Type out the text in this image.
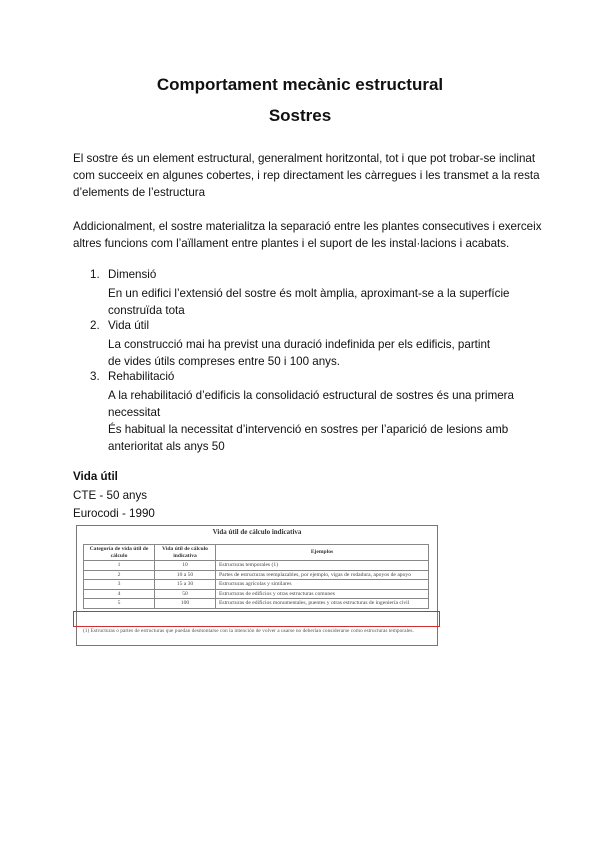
Comportament mecànic estructural
Sostres
El sostre és un element estructural, generalment horitzontal, tot i que pot trobar-se inclinat
com succeeix en algunes cobertes, i rep directament les càrregues i les transmet a la resta
d’elements de l’estructura
Addicionalment, el sostre materialitza la separació entre les plantes consecutives i exerceix
altres funcions com l’aïllament entre plantes i el suport de les instal·lacions i acabats.
1. Dimensió
En un edifici l’extensió del sostre és molt àmplia, aproximant-se a la superfície
construïda tota
2. Vida útil
La construcció mai ha previst una duració indefinida per els edificis, partint
de vides útils compreses entre 50 i 100 anys.
3. Rehabilitació
A la rehabilitació d’edificis la consolidació estructural de sostres és una primera
necessitat
És habitual la necessitat d’intervenció en sostres per l’aparició de lesions amb
anterioritat als anys 50
Vida útil
CTE - 50 anys
Eurocodi - 1990
Vida útil de cálculo indicativa
Categoría de vida útil de cálculo	Vida útil de cálculo indicativa	Ejemplos
1	10	Estructuras temporales (1)
2	10 a 50	Partes de estructuras reemplazables, por ejemplo, vigas de rodadura, apoyos de apoyo
3	15 a 30	Estructuras agrícolas y similares
4	50	Estructuras de edificios y otras estructuras comunes
5	100	Estructuras de edificios monumentales, puentes y otras estructuras de ingeniería civil
(1) Estructuras o partes de estructuras que puedan desmontarse con la intención de volver a usarse no deberían considerarse como estructuras temporales.
